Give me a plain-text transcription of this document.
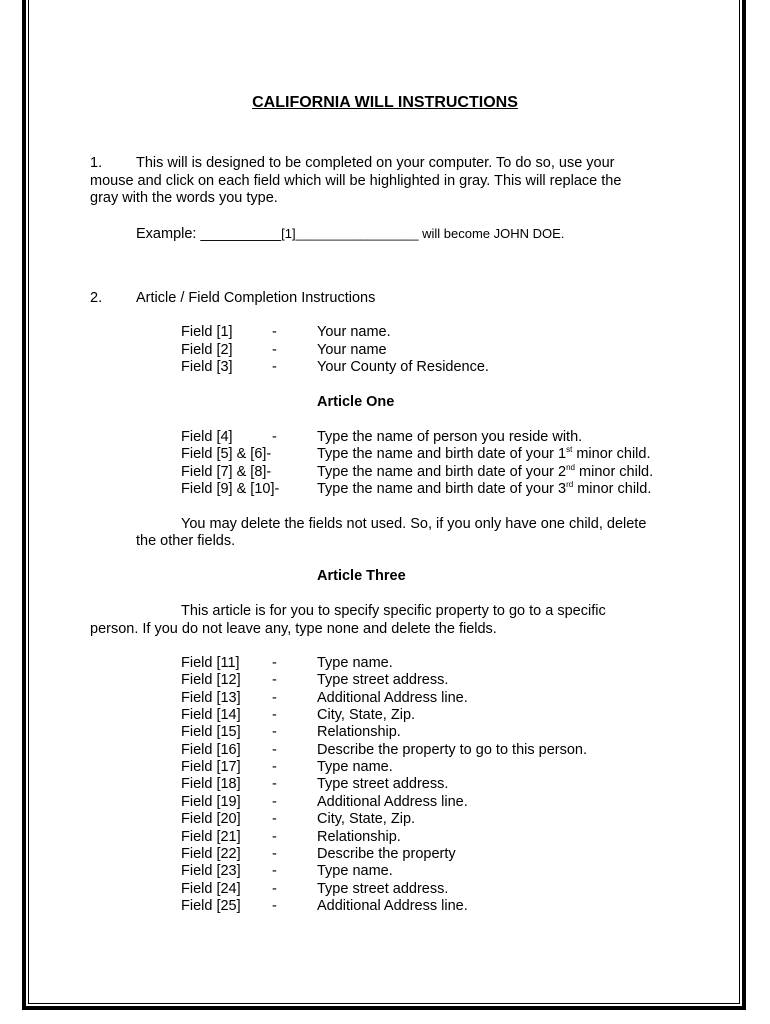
CALIFORNIA WILL INSTRUCTIONS
1. This will is designed to be completed on your computer. To do so, use your
mouse and click on each field which will be highlighted in gray. This will replace the
gray with the words you type.
Example: __________[1]_________________ will become JOHN DOE.
2. Article / Field Completion Instructions
Field [1]	-	Your name.
Field [2]	-	Your name
Field [3]	-	Your County of Residence.
Article One
Field [4]	-	Type the name of person you reside with.
Field [5] & [6]-	Type the name and birth date of your 1st minor child.
Field [7] & [8]-	Type the name and birth date of your 2nd minor child.
Field [9] & [10]-	Type the name and birth date of your 3rd minor child.
You may delete the fields not used. So, if you only have one child, delete
the other fields.
Article Three
This article is for you to specify specific property to go to a specific
person. If you do not leave any, type none and delete the fields.
Field [11] -	Type name.
Field [12] -	Type street address.
Field [13] -	Additional Address line.
Field [14] -	City, State, Zip.
Field [15] -	Relationship.
Field [16] -	Describe the property to go to this person.
Field [17] -	Type name.
Field [18] -	Type street address.
Field [19] -	Additional Address line.
Field [20] -	City, State, Zip.
Field [21] -	Relationship.
Field [22] -	Describe the property
Field [23] -	Type name.
Field [24] -	Type street address.
Field [25] -	Additional Address line.
